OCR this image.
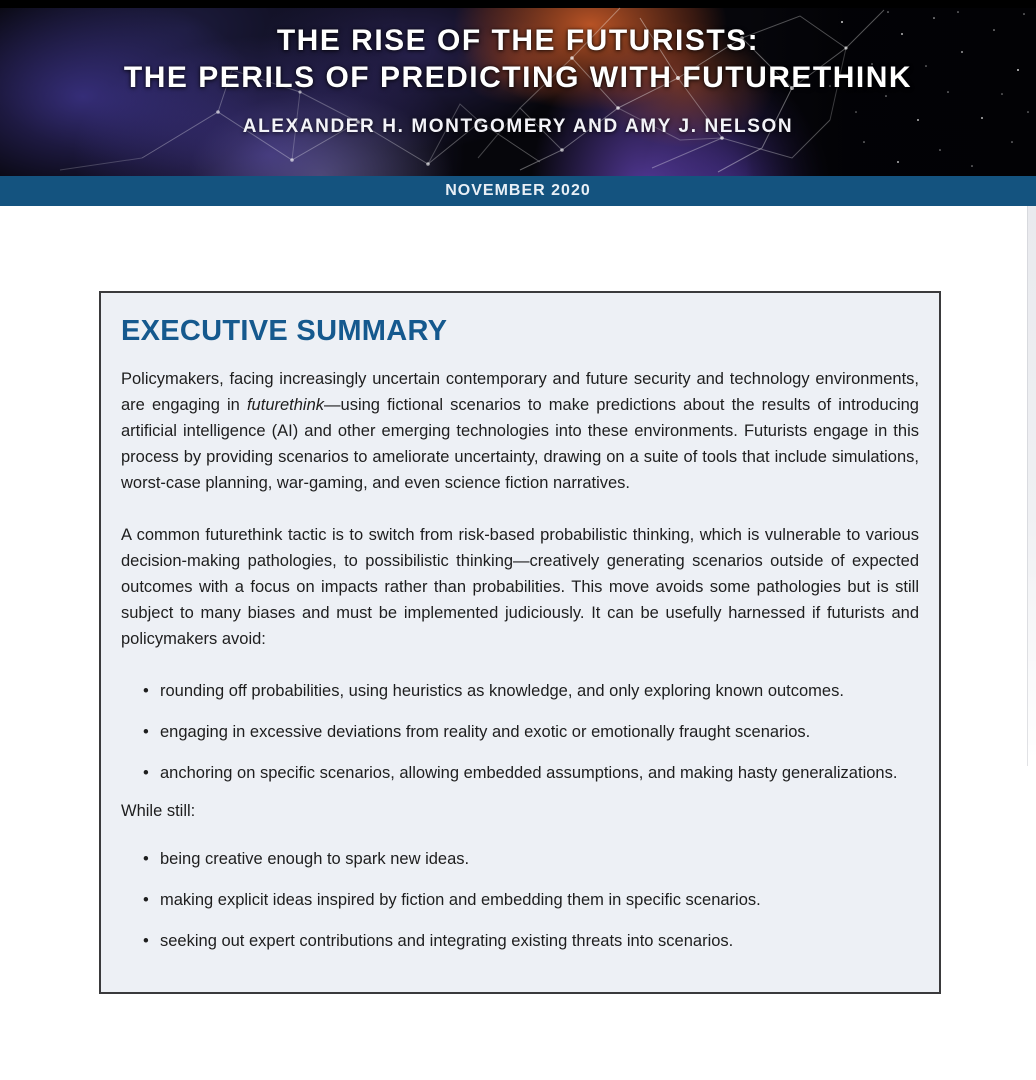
THE RISE OF THE FUTURISTS:
THE PERILS OF PREDICTING WITH FUTURETHINK
ALEXANDER H. MONTGOMERY AND AMY J. NELSON
NOVEMBER 2020
EXECUTIVE SUMMARY

Policymakers, facing increasingly uncertain contemporary and future security and technology environments, are engaging in futurethink—using fictional scenarios to make predictions about the results of introducing artificial intelligence (AI) and other emerging technologies into these environments. Futurists engage in this process by providing scenarios to ameliorate uncertainty, drawing on a suite of tools that include simulations, worst-case planning, war-gaming, and even science fiction narratives.

A common futurethink tactic is to switch from risk-based probabilistic thinking, which is vulnerable to various decision-making pathologies, to possibilistic thinking—creatively generating scenarios outside of expected outcomes with a focus on impacts rather than probabilities. This move avoids some pathologies but is still subject to many biases and must be implemented judiciously. It can be usefully harnessed if futurists and policymakers avoid:

• rounding off probabilities, using heuristics as knowledge, and only exploring known outcomes.
• engaging in excessive deviations from reality and exotic or emotionally fraught scenarios.
• anchoring on specific scenarios, allowing embedded assumptions, and making hasty generalizations.

While still:

• being creative enough to spark new ideas.
• making explicit ideas inspired by fiction and embedding them in specific scenarios.
• seeking out expert contributions and integrating existing threats into scenarios.
